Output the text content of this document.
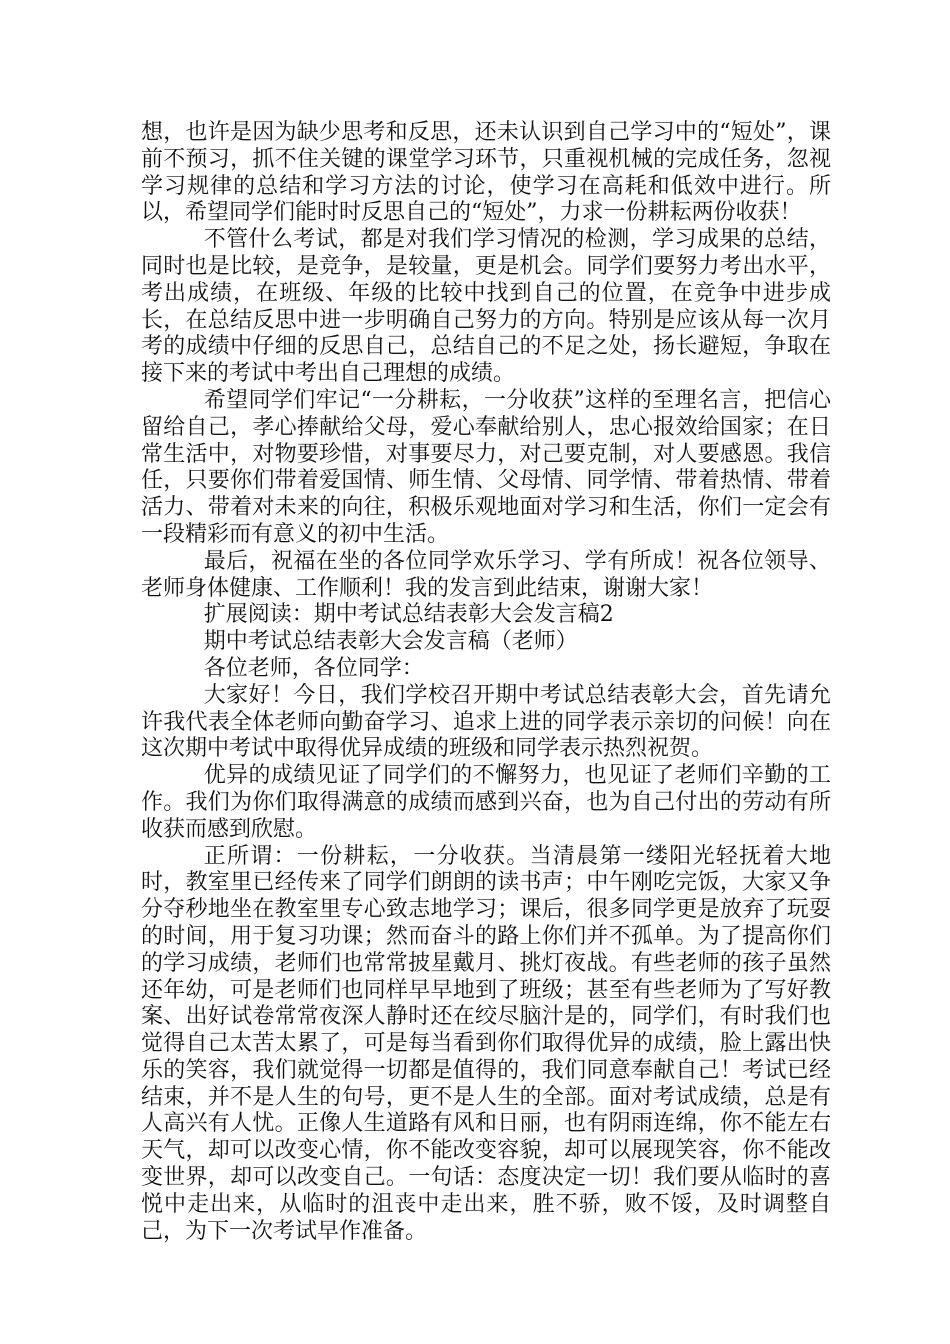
想，也许是因为缺少思考和反思，还未认识到自己学习中的“短处”，课前不预习，抓不住关键的课堂学习环节，只重视机械的完成任务，忽视学习规律的总结和学习方法的讨论，使学习在高耗和低效中进行。所以，希望同学们能时时反思自己的“短处”，力求一份耕耘两份收获！

不管什么考试，都是对我们学习情况的检测，学习成果的总结，同时也是比较，是竞争，是较量，更是机会。同学们要努力考出水平，考出成绩，在班级、年级的比较中找到自己的位置，在竞争中进步成长，在总结反思中进一步明确自己努力的方向。特别是应该从每一次月考的成绩中仔细的反思自己，总结自己的不足之处，扬长避短，争取在接下来的考试中考出自己理想的成绩。

希望同学们牢记“一分耕耘，一分收获”这样的至理名言，把信心留给自己，孝心捧献给父母，爱心奉献给别人，忠心报效给国家；在日常生活中，对物要珍惜，对事要尽力，对己要克制，对人要感恩。我信任，只要你们带着爱国情、师生情、父母情、同学情、带着热情、带着活力、带着对未来的向往，积极乐观地面对学习和生活，你们一定会有一段精彩而有意义的初中生活。

最后，祝福在坐的各位同学欢乐学习、学有所成！祝各位领导、老师身体健康、工作顺利！我的发言到此结束，谢谢大家！

扩展阅读：期中考试总结表彰大会发言稿2

期中考试总结表彰大会发言稿（老师）

各位老师，各位同学：

大家好！今日，我们学校召开期中考试总结表彰大会，首先请允许我代表全体老师向勤奋学习、追求上进的同学表示亲切的问候！向在这次期中考试中取得优异成绩的班级和同学表示热烈祝贺。

优异的成绩见证了同学们的不懈努力，也见证了老师们辛勤的工作。我们为你们取得满意的成绩而感到兴奋，也为自己付出的劳动有所收获而感到欣慰。

正所谓：一份耕耘，一分收获。当清晨第一缕阳光轻抚着大地时，教室里已经传来了同学们朗朗的读书声；中午刚吃完饭，大家又争分夺秒地坐在教室里专心致志地学习；课后，很多同学更是放弃了玩耍的时间，用于复习功课；然而奋斗的路上你们并不孤单。为了提高你们的学习成绩，老师们也常常披星戴月、挑灯夜战。有些老师的孩子虽然还年幼，可是老师们也同样早早地到了班级；甚至有些老师为了写好教案、出好试卷常常夜深人静时还在绞尽脑汁是的，同学们，有时我们也觉得自己太苦太累了，可是每当看到你们取得优异的成绩，脸上露出快乐的笑容，我们就觉得一切都是值得的，我们同意奉献自己！考试已经结束，并不是人生的句号，更不是人生的全部。面对考试成绩，总是有人高兴有人忧。正像人生道路有风和日丽，也有阴雨连绵，你不能左右天气，却可以改变心情，你不能改变容貌，却可以展现笑容，你不能改变世界，却可以改变自己。一句话：态度决定一切！我们要从临时的喜悦中走出来，从临时的沮丧中走出来，胜不骄，败不馁，及时调整自己，为下一次考试早作准备。
